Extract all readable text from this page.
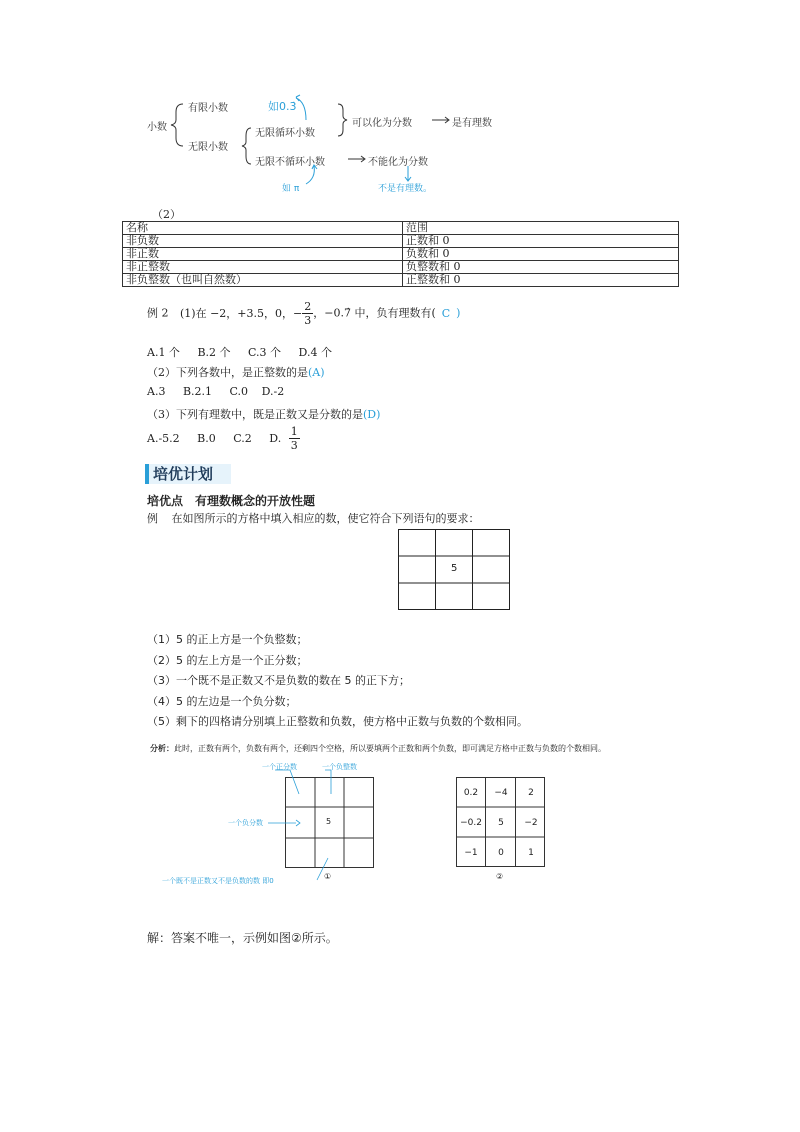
小数
有限小数
无限小数
无限循环小数
无限不循环小数
可以化为分数	是有理数
不能化为分数
如0.3̇
如 π	不是有理数。
（2）
名称	范围
非负数	正数和 0
非正数	负数和 0
非正整数	负整数和 0
非负整数（也叫自然数）	正整数和 0
例 2 (1)在 −2，+3.5，0，− $\frac{2}{3}$ ，−0.7̇ 中，负有理数有( C )
A.1 个 B.2 个 C.3 个 D.4 个
（2）下列各数中，是正整数的是(A)
A.3 B.2.1 C.0 D.-2
（3）下列有理数中，既是正数又是分数的是(D)
A.-5.2 B.0 C.2 D. $\frac{1}{3}$
培优计划
培优点　有理数概念的开放性题
例 在如图所示的方格中填入相应的数，使它符合下列语句的要求：
5
（1）5 的正上方是一个负整数；
（2）5 的左上方是一个正分数；
（3）一个既不是正数又不是负数的数在 5 的正下方；
（4）5 的左边是一个负分数；
（5）剩下的四格请分别填上正整数和负数，使方格中正数与负数的个数相同。
分析：此时，正数有两个，负数有两个，还剩四个空格，所以要填两个正数和两个负数，即可满足方格中正数与负数的个数相同。
一个正分数	一个负整数
一个负分数
一个既不是正数又不是负数的数 即0
5
①
0.2	−4	2
−0.2	5	−2
−1	0	1
②
解：答案不唯一，示例如图②所示。
